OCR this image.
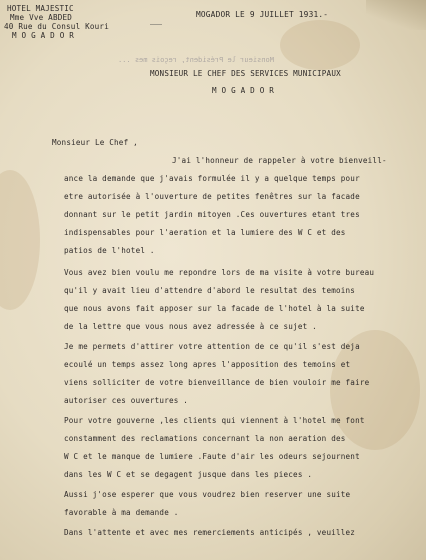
HOTEL MAJESTIC
Mme Vve ABDED
40 Rue du Consul Kouri
M O G A D O R
MOGADOR LE 9 JUILLET 1931.-
Monsieur le Président, reçois mes ...
MONSIEUR LE CHEF DES SERVICES MUNICIPAUX
M O G A D O R
Monsieur Le Chef ,
J'ai l'honneur de rappeler à votre bienveill-
ance la demande que j'avais formulée il y a quelque temps pour
etre autorisée à l'ouverture de petites fenêtres sur la facade
donnant sur le petit jardin mitoyen .Ces ouvertures etant tres
indispensables pour l'aeration et la lumiere des W C et des
patios de l'hotel .
Vous avez bien voulu me repondre lors de ma visite à votre bureau
qu'il y avait lieu d'attendre d'abord le resultat des temoins
que nous avons fait apposer sur la facade de l'hotel à la suite
de la lettre que vous nous avez adressée à ce sujet .
Je me permets d'attirer votre attention de ce qu'il s'est deja
ecoulé un temps assez long apres l'apposition des temoins et
viens solliciter de votre bienveillance de bien vouloir me faire
autoriser ces ouvertures .
Pour votre gouverne ,les clients qui viennent à l'hotel me font
constamment des reclamations concernant la non aeration des
W C et le manque de lumiere .Faute d'air les odeurs sejournent
dans les W C et se degagent jusque dans les pieces .
Aussi j'ose esperer que vous voudrez bien reserver une suite
favorable à ma demande .
Dans l'attente et avec mes remerciements anticipés , veuillez
